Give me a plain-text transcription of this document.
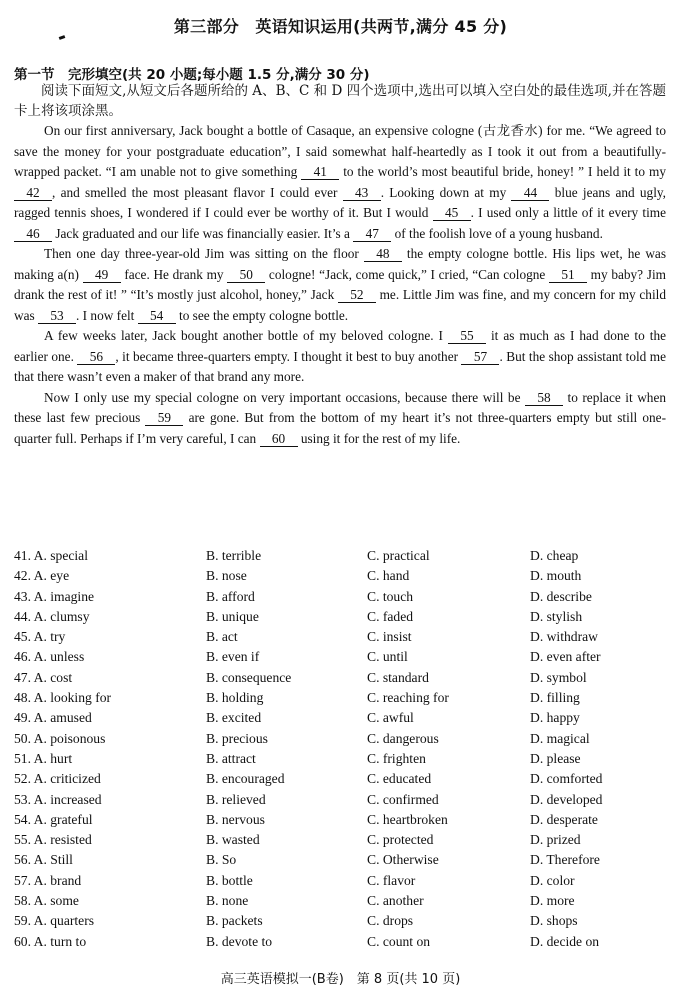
第三部分　英语知识运用(共两节,满分 45 分)
第一节　完形填空(共 20 小题;每小题 1.5 分,满分 30 分)
阅读下面短文,从短文后各题所给的 A、B、C 和 D 四个选项中,选出可以填入空白处的最佳选项,并在答题卡上将该项涂黑。

On our first anniversary, Jack bought a bottle of Casaque, an expensive cologne (古龙香水) for me. “We agreed to save the money for your postgraduate education”, I said somewhat half-heartedly as I took it out from a beautifully-wrapped packet. “I am unable not to give something 41 to the world’s most beautiful bride, honey! ” I held it to my 42 , and smelled the most pleasant flavor I could ever 43 . Looking down at my 44 blue jeans and ugly, ragged tennis shoes, I wondered if I could ever be worthy of it. But I would 45 . I used only a little of it every time 46 Jack graduated and our life was financially easier. It’s a 47 of the foolish love of a young husband.

Then one day three-year-old Jim was sitting on the floor 48 the empty cologne bottle. His lips wet, he was making a(n) 49 face. He drank my 50 cologne! “Jack, come quick,” I cried, “Can cologne 51 my baby? Jim drank the rest of it! ” “It’s mostly just alcohol, honey,” Jack 52 me. Little Jim was fine, and my concern for my child was 53 . I now felt 54 to see the empty cologne bottle.

A few weeks later, Jack bought another bottle of my beloved cologne. I 55 it as much as I had done to the earlier one. 56 , it became three-quarters empty. I thought it best to buy another 57 . But the shop assistant told me that there wasn’t even a maker of that brand any more.

Now I only use my special cologne on very important occasions, because there will be 58 to replace it when these last few precious 59 are gone. But from the bottom of my heart it’s not three-quarters empty but still one-quarter full. Perhaps if I’m very careful, I can 60 using it for the rest of my life.

41. A. special	B. terrible	C. practical	D. cheap
42. A. eye	B. nose	C. hand	D. mouth
43. A. imagine	B. afford	C. touch	D. describe
44. A. clumsy	B. unique	C. faded	D. stylish
45. A. try	B. act	C. insist	D. withdraw
46. A. unless	B. even if	C. until	D. even after
47. A. cost	B. consequence	C. standard	D. symbol
48. A. looking for	B. holding	C. reaching for	D. filling
49. A. amused	B. excited	C. awful	D. happy
50. A. poisonous	B. precious	C. dangerous	D. magical
51. A. hurt	B. attract	C. frighten	D. please
52. A. criticized	B. encouraged	C. educated	D. comforted
53. A. increased	B. relieved	C. confirmed	D. developed
54. A. grateful	B. nervous	C. heartbroken	D. desperate
55. A. resisted	B. wasted	C. protected	D. prized
56. A. Still	B. So	C. Otherwise	D. Therefore
57. A. brand	B. bottle	C. flavor	D. color
58. A. some	B. none	C. another	D. more
59. A. quarters	B. packets	C. drops	D. shops
60. A. turn to	B. devote to	C. count on	D. decide on
高三英语模拟一(B卷)　第 8 页(共 10 页)
